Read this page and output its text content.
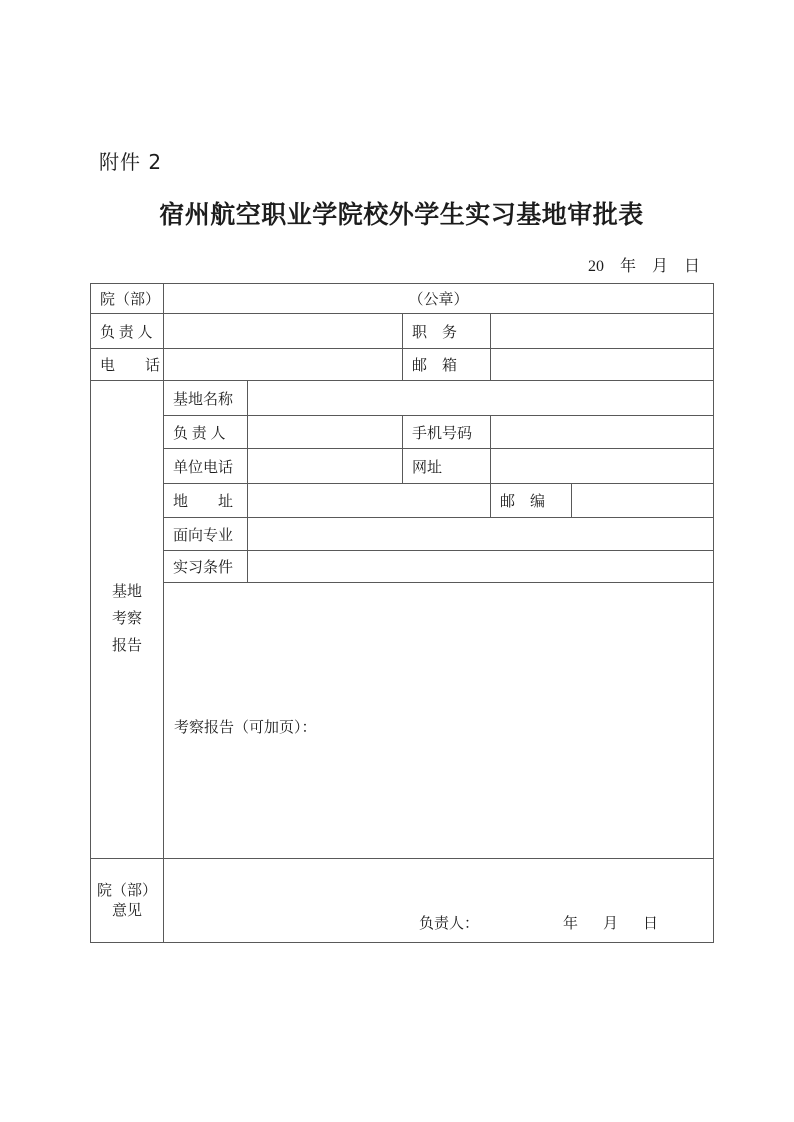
附件 2
宿州航空职业学院校外学生实习基地审批表
20　年　月　日
院（部）	（公章）				
负 责 人			职　务		
电　　话			邮　箱		

基地
考察
报告	基地名称				
	负 责 人		手机号码		
	单位电话		网址		
	地　　址			邮　编	
	面向专业				
	实习条件				
	考察报告（可加页）：				

院（部）
意见	负责人： 年 月 日				
